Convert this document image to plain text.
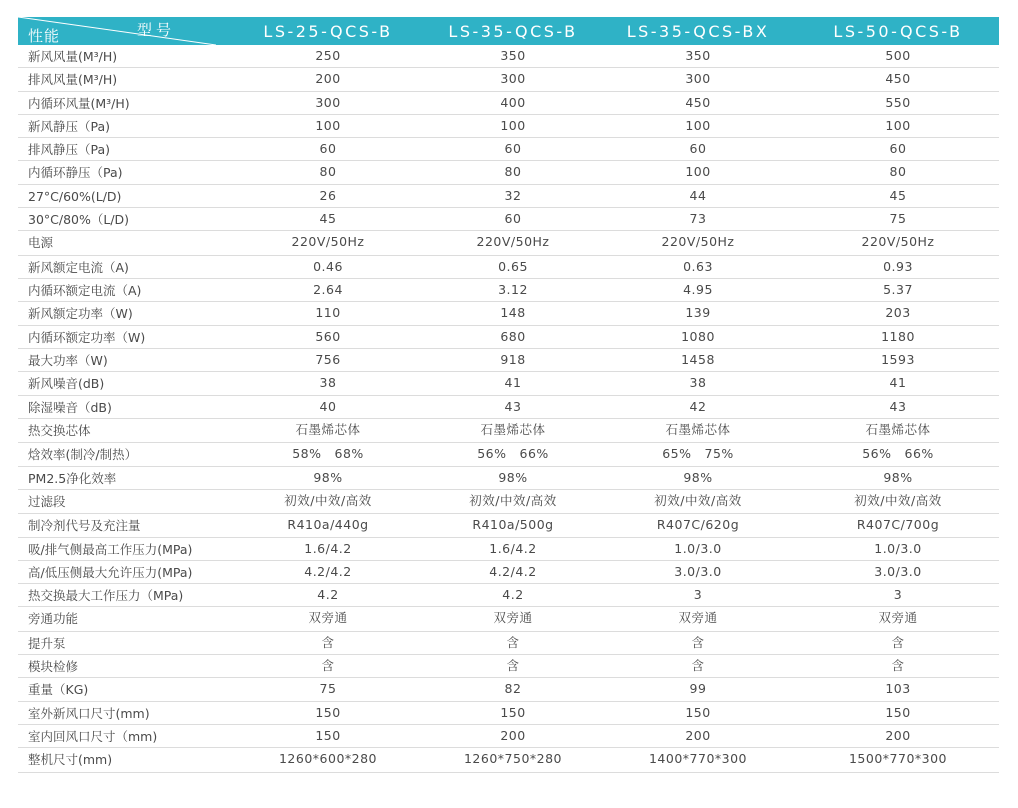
性能	型号	LS-25-QCS-B	LS-35-QCS-B	LS-35-QCS-BX	LS-50-QCS-B
新风风量(M³/H)	250	350	350	500
排风风量(M³/H)	200	300	300	450
内循环风量(M³/H)	300	400	450	550
新风静压（Pa)	100	100	100	100
排风静压（Pa)	60	60	60	60
内循环静压（Pa)	80	80	100	80
27°C/60%(L/D)	26	32	44	45
30°C/80%（L/D)	45	60	73	75
电源	220V/50Hz	220V/50Hz	220V/50Hz	220V/50Hz
新风额定电流（A)	0.46	0.65	0.63	0.93
内循环额定电流（A)	2.64	3.12	4.95	5.37
新风额定功率（W)	110	148	139	203
内循环额定功率（W)	560	680	1080	1180
最大功率（W)	756	918	1458	1593
新风噪音(dB)	38	41	38	41
除湿噪音（dB)	40	43	42	43
热交换芯体	石墨烯芯体	石墨烯芯体	石墨烯芯体	石墨烯芯体
焓效率(制冷/制热）	58%　68%	56%　66%	65%　75%	56%　66%
PM2.5净化效率	98%	98%	98%	98%
过滤段	初效/中效/高效	初效/中效/高效	初效/中效/高效	初效/中效/高效
制冷剂代号及充注量	R410a/440g	R410a/500g	R407C/620g	R407C/700g
吸/排气侧最高工作压力(MPa)	1.6/4.2	1.6/4.2	1.0/3.0	1.0/3.0
高/低压侧最大允许压力(MPa)	4.2/4.2	4.2/4.2	3.0/3.0	3.0/3.0
热交换最大工作压力（MPa)	4.2	4.2	3	3
旁通功能	双旁通	双旁通	双旁通	双旁通
提升泵	含	含	含	含
模块检修	含	含	含	含
重量（KG)	75	82	99	103
室外新风口尺寸(mm)	150	150	150	150
室内回风口尺寸（mm)	150	200	200	200
整机尺寸(mm)	1260*600*280	1260*750*280	1400*770*300	1500*770*300
